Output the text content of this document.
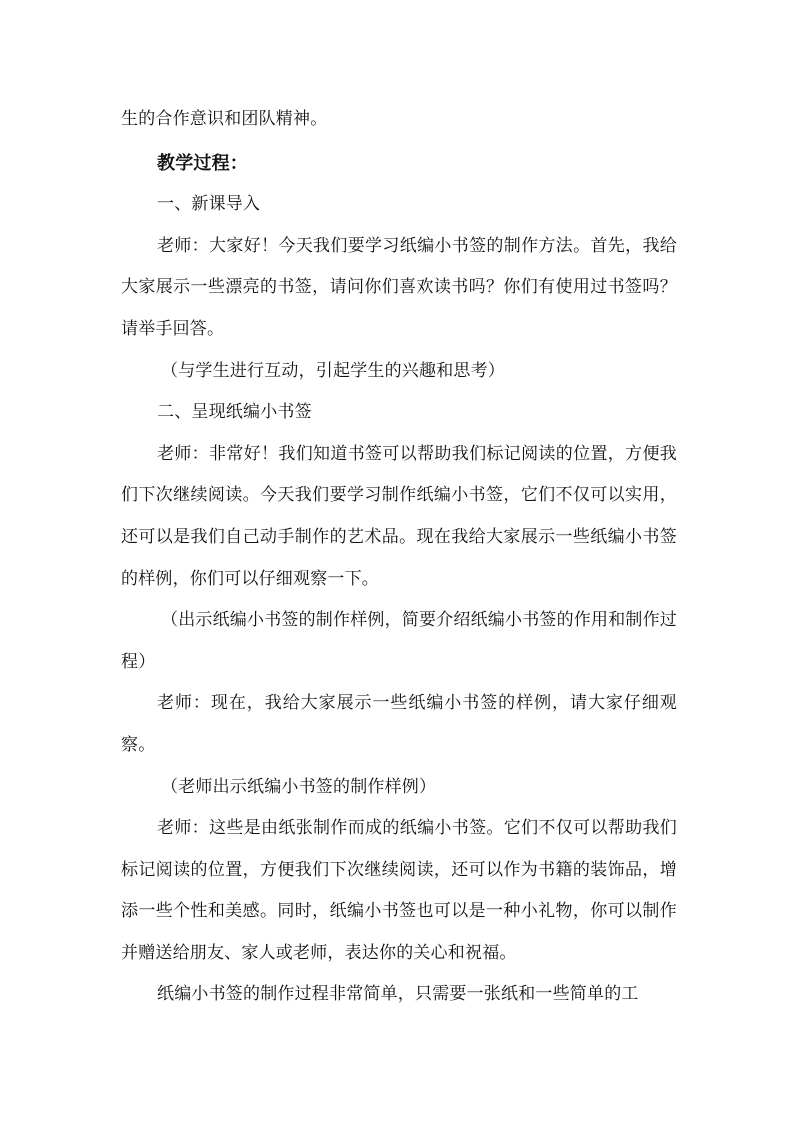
生的合作意识和团队精神。

教学过程：

一、新课导入

老师：大家好！今天我们要学习纸编小书签的制作方法。首先，我给大家展示一些漂亮的书签，请问你们喜欢读书吗？你们有使用过书签吗？请举手回答。

（与学生进行互动，引起学生的兴趣和思考）

二、呈现纸编小书签

老师：非常好！我们知道书签可以帮助我们标记阅读的位置，方便我们下次继续阅读。今天我们要学习制作纸编小书签，它们不仅可以实用，还可以是我们自己动手制作的艺术品。现在我给大家展示一些纸编小书签的样例，你们可以仔细观察一下。

（出示纸编小书签的制作样例，简要介绍纸编小书签的作用和制作过程）

老师：现在，我给大家展示一些纸编小书签的样例，请大家仔细观察。

（老师出示纸编小书签的制作样例）

老师：这些是由纸张制作而成的纸编小书签。它们不仅可以帮助我们标记阅读的位置，方便我们下次继续阅读，还可以作为书籍的装饰品，增添一些个性和美感。同时，纸编小书签也可以是一种小礼物，你可以制作并赠送给朋友、家人或老师，表达你的关心和祝福。

纸编小书签的制作过程非常简单，只需要一张纸和一些简单的工
